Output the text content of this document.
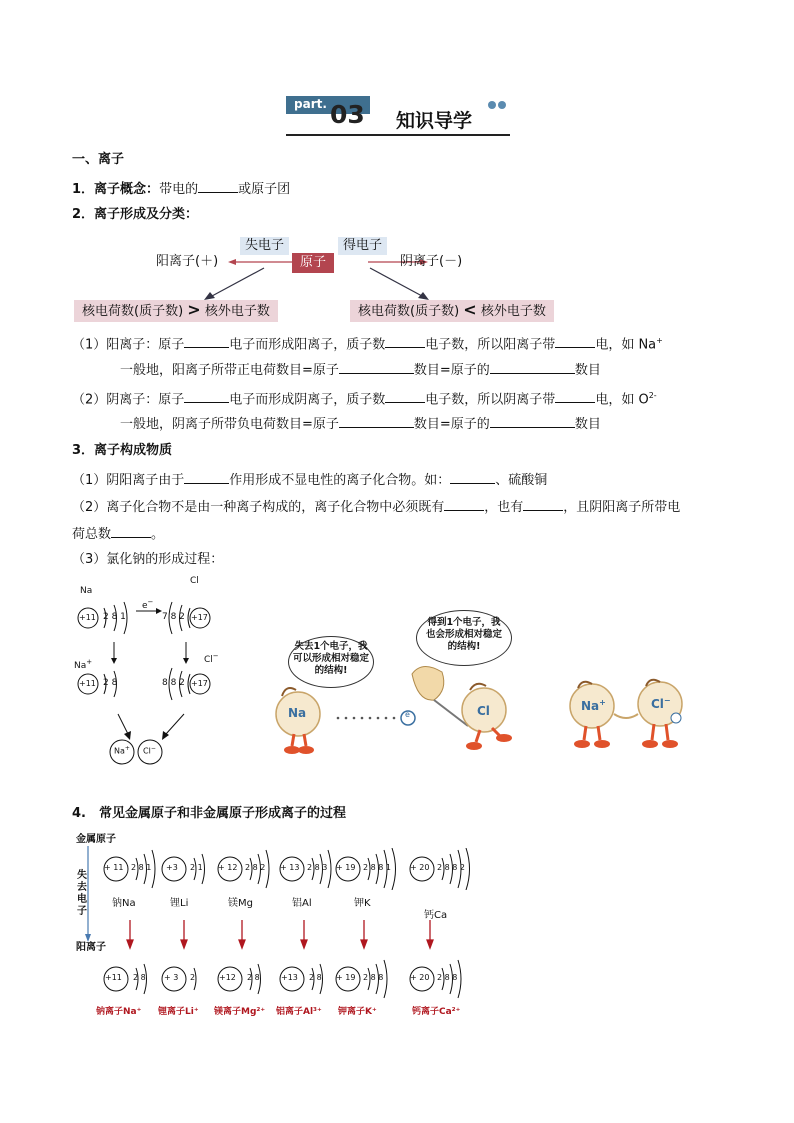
part. 03 知识导学
一、离子
1．离子概念：带电的	或原子团
2．离子形成及分类：
失电子	得电子
原子
阳离子(＋)	阴离子(－)
核电荷数(质子数) > 核外电子数	核电荷数(质子数) < 核外电子数
（1）阳离子：原子	电子而形成阳离子，质子数	电子数，所以阳离子带	电，如 Na+
一般地，阳离子所带正电荷数目=原子	数目=原子的	数目
（2）阴离子：原子	电子而形成阴离子，质子数	电子数，所以阴离子带	电，如 $O^{2-}$
一般地，阴离子所带负电荷数目=原子	数目=原子的	数目
3．离子构成物质
（1）阴阳离子由于	作用形成不显电性的离子化合物。如：	、硫酸铜
（2）离子化合物不是由一种离子构成的，离子化合物中必须既有	，也有	，且阴阳离子所带电
荷总数	。
（3）氯化钠的形成过程：
Na
Cl
+11 2 8 1
e−
7 8 2 +17
Na+	Cl−
+11 2 8	8 8 2 +17
Na+ Cl−
失去1个电子，我可以形成相对稳定的结构!
得到1个电子，我也会形成相对稳定的结构!
Na	e	Cl	Na+	Cl−
4.　常见金属原子和非金属原子形成离子的过程
金属原子
失
去
电
子
阳离子
+ 11 2 8 1
钠Na
+3 2 1
锂Li
+ 12 2 8 2
镁Mg
+ 13 2 8 3
铝Al
+ 19 2 8 8 1
钾K
+ 20 2 8 8 2
钙Ca
+11 2 8
钠离子Na⁺
+ 3 2
锂离子Li⁺
+12 2 8
镁离子Mg²⁺
+13 2 8
铝离子Al³⁺
+ 19 2 8 8
钾离子K⁺
+ 20 2 8 8
钙离子Ca²⁺
